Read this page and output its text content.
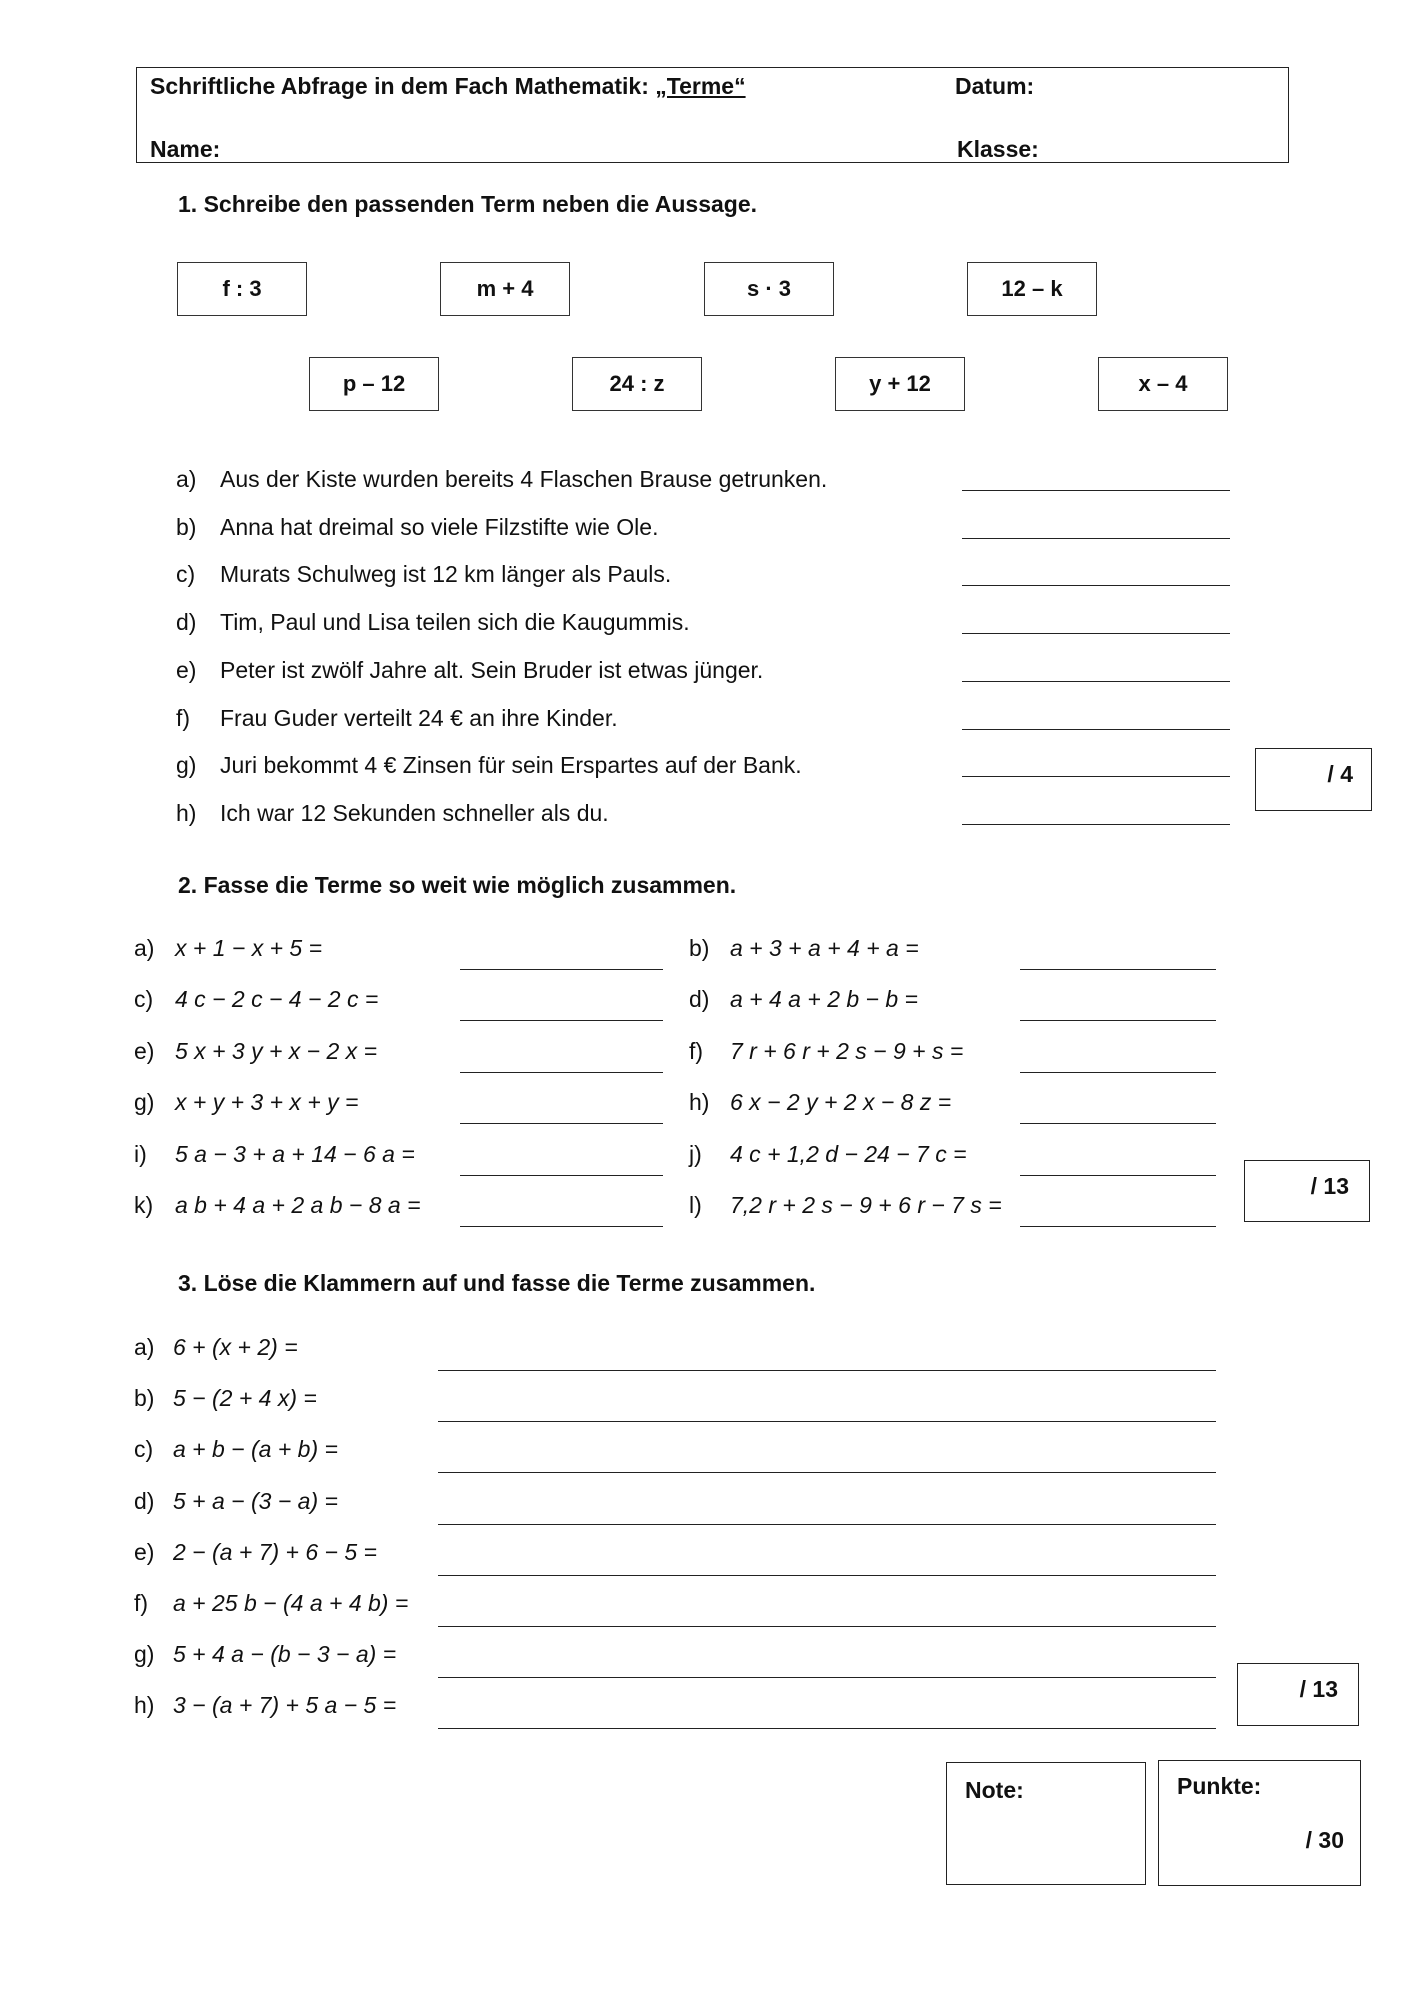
Schriftliche Abfrage in dem Fach Mathematik: „Terme“	Datum:
Name:	Klasse:
1. Schreibe den passenden Term neben die Aussage.
f : 3	m + 4	s · 3	12 – k
p – 12	24 : z	y + 12	x – 4
a) Aus der Kiste wurden bereits 4 Flaschen Brause getrunken.
b) Anna hat dreimal so viele Filzstifte wie Ole.
c) Murats Schulweg ist 12 km länger als Pauls.
d) Tim, Paul und Lisa teilen sich die Kaugummis.
e) Peter ist zwölf Jahre alt. Sein Bruder ist etwas jünger.
f) Frau Guder verteilt 24 € an ihre Kinder.
g) Juri bekommt 4 € Zinsen für sein Erspartes auf der Bank.
h) Ich war 12 Sekunden schneller als du.
/ 4
2. Fasse die Terme so weit wie möglich zusammen.
a) x + 1 − x + 5 =
c) 4 c − 2 c − 4 − 2 c =
e) 5 x + 3 y + x − 2 x =
g) x + y + 3 + x + y =
i) 5 a − 3 + a + 14 − 6 a =
k) a b + 4 a + 2 a b − 8 a =
b) a + 3 + a + 4 + a =
d) a + 4 a + 2 b − b =
f) 7 r + 6 r + 2 s − 9 + s =
h) 6 x − 2 y + 2 x − 8 z =
j) 4 c + 1,2 d − 24 − 7 c =
l) 7,2 r + 2 s − 9 + 6 r − 7 s =
/ 13
3. Löse die Klammern auf und fasse die Terme zusammen.
a) 6 + (x + 2) =
b) 5 − (2 + 4 x) =
c) a + b − (a + b) =
d) 5 + a − (3 − a) =
e) 2 − (a + 7) + 6 − 5 =
f) a + 25 b − (4 a + 4 b) =
g) 5 + 4 a − (b − 3 − a) =
h) 3 − (a + 7) + 5 a − 5 =
/ 13
Note:	Punkte:
/ 30
